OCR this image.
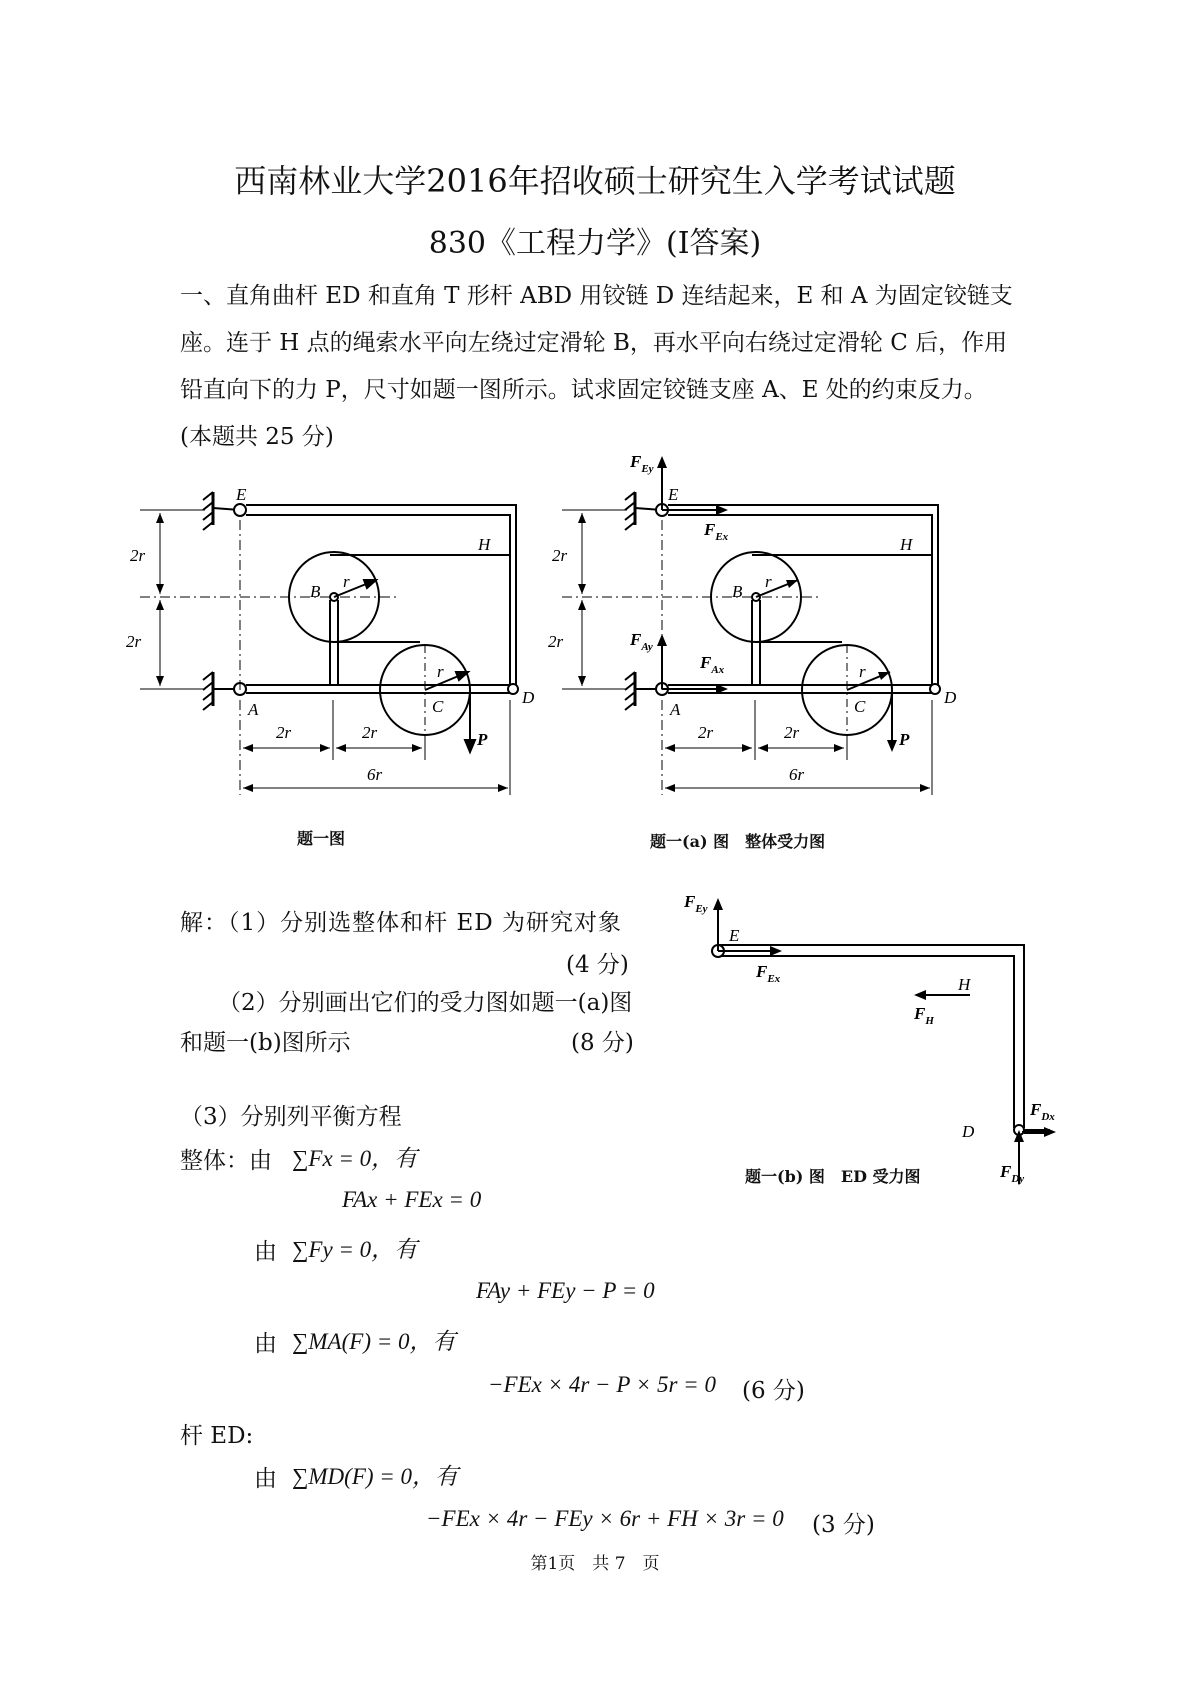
西南林业大学2016年招收硕士研究生入学考试试题
830《工程力学》(I答案)
一、直角曲杆 ED 和直角 T 形杆 ABD 用铰链 D 连结起来，E 和 A 为固定铰链支座。连于 H 点的绳索水平向左绕过定滑轮 B，再水平向右绕过定滑轮 C 后，作用铅直向下的力 P，尺寸如题一图所示。试求固定铰链支座 A、E 处的约束反力。(本题共 25 分)
E
H
B
r
r
A	C	D
P
2r
2r
2r	2r
6r
题一图
E
H
B
r
r
A	C	D
P
2r
2r
2r	2r
6r
$F_{Ey}$
$F_{Ex}$
$F_{Ay}$
$F_{Ax}$
题一(a) 图　整体受力图
E
H
D
$F_{Ey}$
$F_{Ex}$
$F_H$
$F_{Dx}$
$F_{Dy}$
题一(b) 图　ED 受力图
解：（1）分别选整体和杆 ED 为研究对象
(4 分)
（2）分别画出它们的受力图如题一(a)图
和题一(b)图所示	(8 分)
（3）分别列平衡方程
整体：由 ∑Fx = 0，有
FAx + FEx = 0
由 ∑Fy = 0，有
FAy + FEy − P = 0
由 ∑MA(F) = 0，有
−FEx × 4r − P × 5r = 0 (6 分)
杆 ED:
由 ∑MD(F) = 0，有
−FEx × 4r − FEy × 6r + FH × 3r = 0 (3 分)
第1页　共 7　页
